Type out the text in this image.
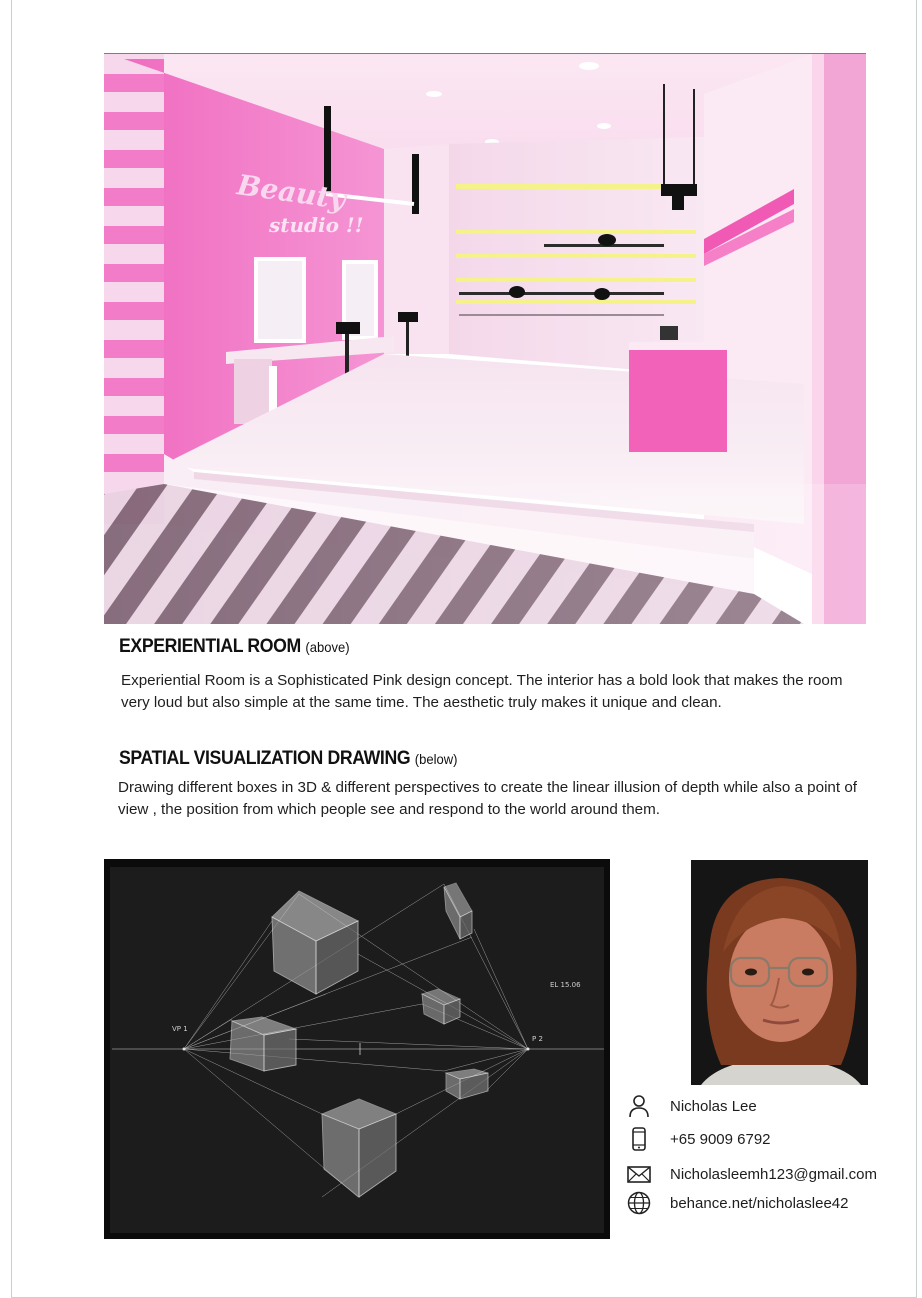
Beauty
studio !!
EXPERIENTIAL ROOM (above)

Experiential Room is a Sophisticated Pink design concept. The interior has a bold look that makes the room very loud but also simple at the same time. The aesthetic truly makes it unique and clean.

SPATIAL VISUALIZATION DRAWING (below)

Drawing different boxes in 3D & different perspectives to create the linear illusion of depth while also a point of view , the position from which people see and respond to the world around them.

VP 1
P 2
EL 15.06
Nicholas Lee
+65 9009 6792
Nicholasleemh123@gmail.com
behance.net/nicholaslee42
